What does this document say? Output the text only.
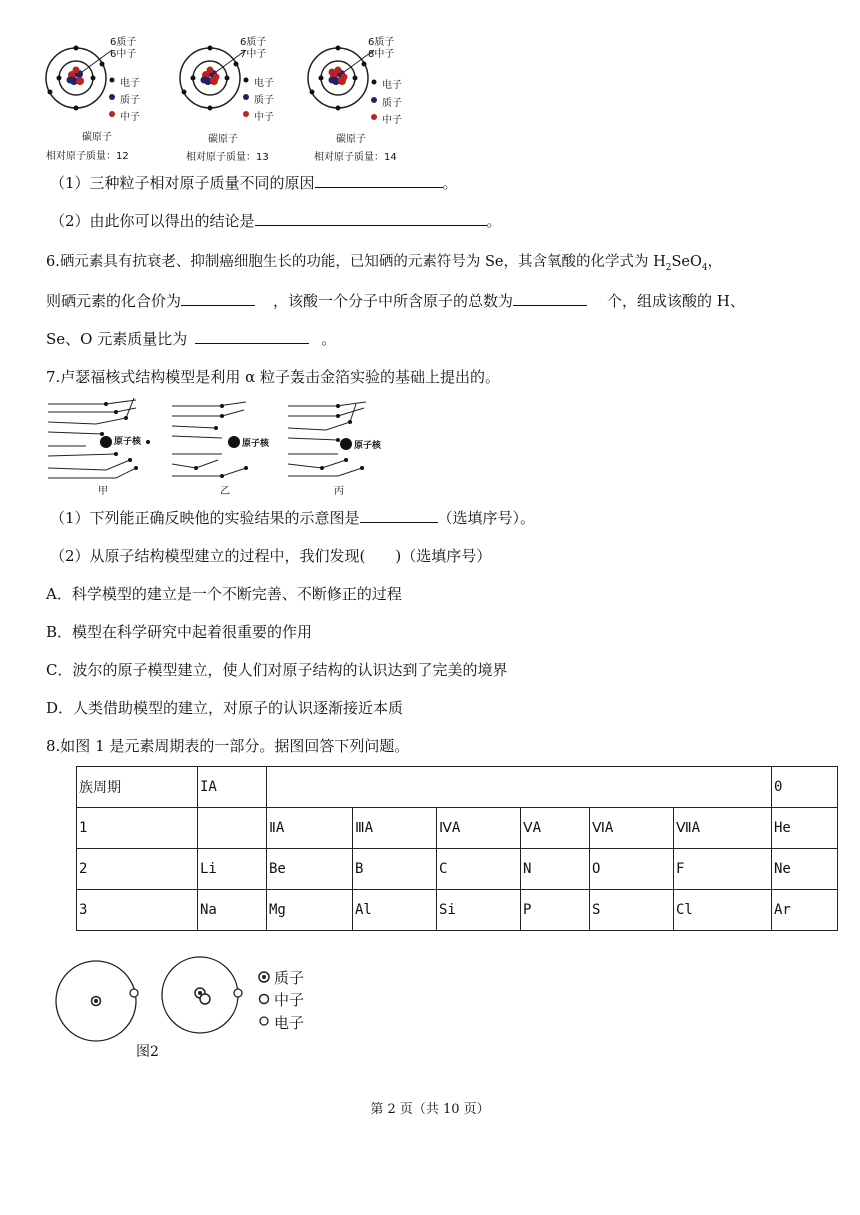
6质子
6中子
电子
质子
中子
碳原子
相对原子质量：12
6质子
7中子
电子
质子
中子
碳原子
相对原子质量：13
6质子
8中子
电子
质子
中子
碳原子
相对原子质量：14
（1）三种粒子相对原子质量不同的原因	。
（2）由此你可以得出的结论是	。
6.硒元素具有抗衰老、抑制癌细胞生长的功能，已知硒的元素符号为 Se，其含氧酸的化学式为 $H_2SeO_4$，
则硒元素的化合价为	，该酸一个分子中所含原子的总数为	个，组成该酸的 H、
Se、O 元素质量比为	。
7.卢瑟福核式结构模型是利用 α 粒子轰击金箔实验的基础上提出的。
原子核	原子核	原子核
甲	乙	丙
（1）下列能正确反映他的实验结果的示意图是	（选填序号）。
（2）从原子结构模型建立的过程中，我们发现(　　)（选填序号）
A．科学模型的建立是一个不断完善、不断修正的过程
B．模型在科学研究中起着很重要的作用
C．波尔的原子模型建立，使人们对原子结构的认识达到了完美的境界
D．人类借助模型的建立，对原子的认识逐渐接近本质
8.如图 1 是元素周期表的一部分。据图回答下列问题。
族周期	IA							0
1		ⅡA	ⅢA	ⅣA	ⅤA	ⅥA	ⅦA	He
2	Li	Be	B	C	N	O	F	Ne
3	Na	Mg	Al	Si	P	S	Cl	Ar
质子
中子
电子
图2
第 2 页（共 10 页）
